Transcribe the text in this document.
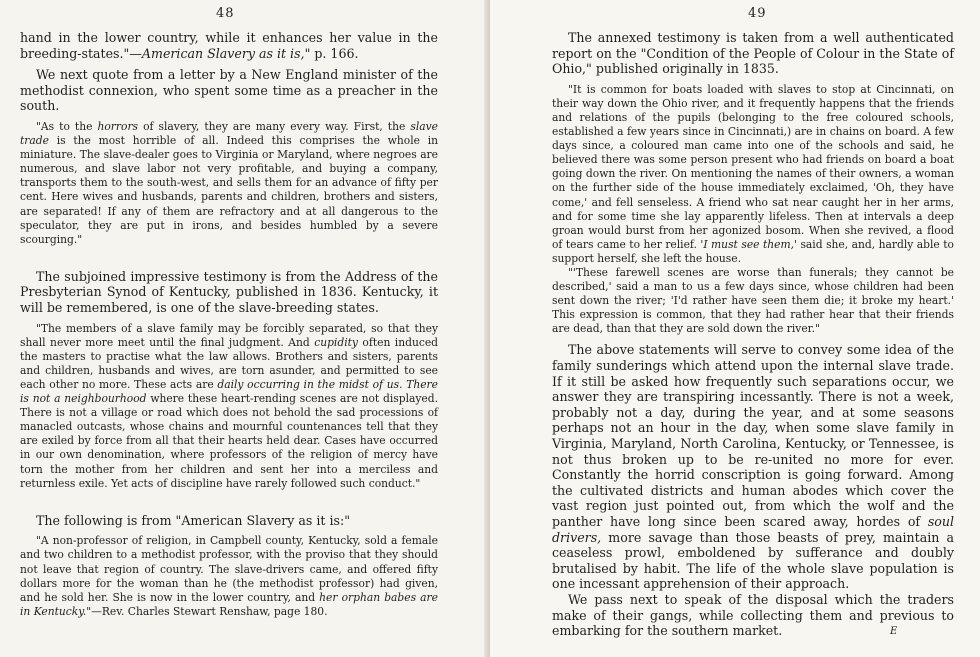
48

hand in the lower country, while it enhances her value in the breeding-states."—American Slavery as it is," p. 166.

We next quote from a letter by a New England minister of the methodist connexion, who spent some time as a preacher in the south.

"As to the horrors of slavery, they are many every way. First, the slave trade is the most horrible of all. Indeed this comprises the whole in miniature. The slave-dealer goes to Virginia or Maryland, where negroes are numerous, and slave labor not very profitable, and buying a company, transports them to the south-west, and sells them for an advance of fifty per cent. Here wives and husbands, parents and children, brothers and sisters, are separated! If any of them are refractory and at all dangerous to the speculator, they are put in irons, and besides humbled by a severe scourging."

The subjoined impressive testimony is from the Address of the Presbyterian Synod of Kentucky, published in 1836. Kentucky, it will be remembered, is one of the slave-breeding states.

"The members of a slave family may be forcibly separated, so that they shall never more meet until the final judgment. And cupidity often induced the masters to practise what the law allows. Brothers and sisters, parents and children, husbands and wives, are torn asunder, and permitted to see each other no more. These acts are daily occurring in the midst of us. There is not a neighbourhood where these heart-rending scenes are not displayed. There is not a village or road which does not behold the sad processions of manacled outcasts, whose chains and mournful countenances tell that they are exiled by force from all that their hearts held dear. Cases have occurred in our own denomination, where professors of the religion of mercy have torn the mother from her children and sent her into a merciless and returnless exile. Yet acts of discipline have rarely followed such conduct."

The following is from "American Slavery as it is:"

"A non-professor of religion, in Campbell county, Kentucky, sold a female and two children to a methodist professor, with the proviso that they should not leave that region of country. The slave-drivers came, and offered fifty dollars more for the woman than he (the methodist professor) had given, and he sold her. She is now in the lower country, and her orphan babes are in Kentucky."—Rev. Charles Stewart Renshaw, page 180.

49

The annexed testimony is taken from a well authenticated report on the "Condition of the People of Colour in the State of Ohio," published originally in 1835.

"It is common for boats loaded with slaves to stop at Cincinnati, on their way down the Ohio river, and it frequently happens that the friends and relations of the pupils (belonging to the free coloured schools, established a few years since in Cincinnati,) are in chains on board. A few days since, a coloured man came into one of the schools and said, he believed there was some person present who had friends on board a boat going down the river. On mentioning the names of their owners, a woman on the further side of the house immediately exclaimed, 'Oh, they have come,' and fell senseless. A friend who sat near caught her in her arms, and for some time she lay apparently lifeless. Then at intervals a deep groan would burst from her agonized bosom. When she revived, a flood of tears came to her relief. 'I must see them,' said she, and, hardly able to support herself, she left the house.

"'These farewell scenes are worse than funerals; they cannot be described,' said a man to us a few days since, whose children had been sent down the river; 'I'd rather have seen them die; it broke my heart.' This expression is common, that they had rather hear that their friends are dead, than that they are sold down the river."

The above statements will serve to convey some idea of the family sunderings which attend upon the internal slave trade. If it still be asked how frequently such separations occur, we answer they are transpiring incessantly. There is not a week, probably not a day, during the year, and at some seasons perhaps not an hour in the day, when some slave family in Virginia, Maryland, North Carolina, Kentucky, or Tennessee, is not thus broken up to be re-united no more for ever. Constantly the horrid conscription is going forward. Among the cultivated districts and human abodes which cover the vast region just pointed out, from which the wolf and the panther have long since been scared away, hordes of soul drivers, more savage than those beasts of prey, maintain a ceaseless prowl, emboldened by sufferance and doubly brutalised by habit. The life of the whole slave population is one incessant apprehension of their approach.

We pass next to speak of the disposal which the traders make of their gangs, while collecting them and previous to embarking for the southern market.	E
